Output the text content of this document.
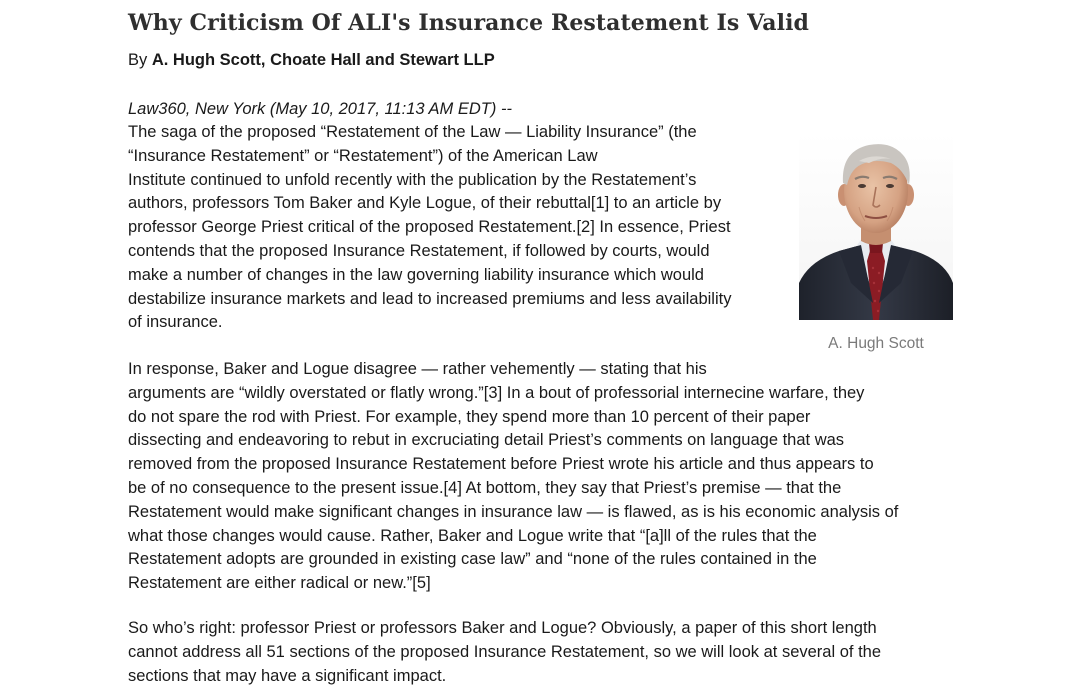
Why Criticism Of ALI's Insurance Restatement Is Valid
By A. Hugh Scott, Choate Hall and Stewart LLP
Law360, New York (May 10, 2017, 11:13 AM EDT) --

The saga of the proposed “Restatement of the Law — Liability Insurance” (the
“Insurance Restatement” or “Restatement”) of the American Law
Institute continued to unfold recently with the publication by the Restatement’s
authors, professors Tom Baker and Kyle Logue, of their rebuttal[1] to an article by
professor George Priest critical of the proposed Restatement.[2] In essence, Priest
contends that the proposed Insurance Restatement, if followed by courts, would
make a number of changes in the law governing liability insurance which would
destabilize insurance markets and lead to increased premiums and less availability
of insurance.

A. Hugh Scott

In response, Baker and Logue disagree — rather vehemently — stating that his
arguments are “wildly overstated or flatly wrong.”[3] In a bout of professorial internecine warfare, they
do not spare the rod with Priest. For example, they spend more than 10 percent of their paper
dissecting and endeavoring to rebut in excruciating detail Priest’s comments on language that was
removed from the proposed Insurance Restatement before Priest wrote his article and thus appears to
be of no consequence to the present issue.[4] At bottom, they say that Priest’s premise — that the
Restatement would make significant changes in insurance law — is flawed, as is his economic analysis of
what those changes would cause. Rather, Baker and Logue write that “[a]ll of the rules that the
Restatement adopts are grounded in existing case law” and “none of the rules contained in the
Restatement are either radical or new.”[5]

So who’s right: professor Priest or professors Baker and Logue? Obviously, a paper of this short length
cannot address all 51 sections of the proposed Insurance Restatement, so we will look at several of the
sections that may have a significant impact.
